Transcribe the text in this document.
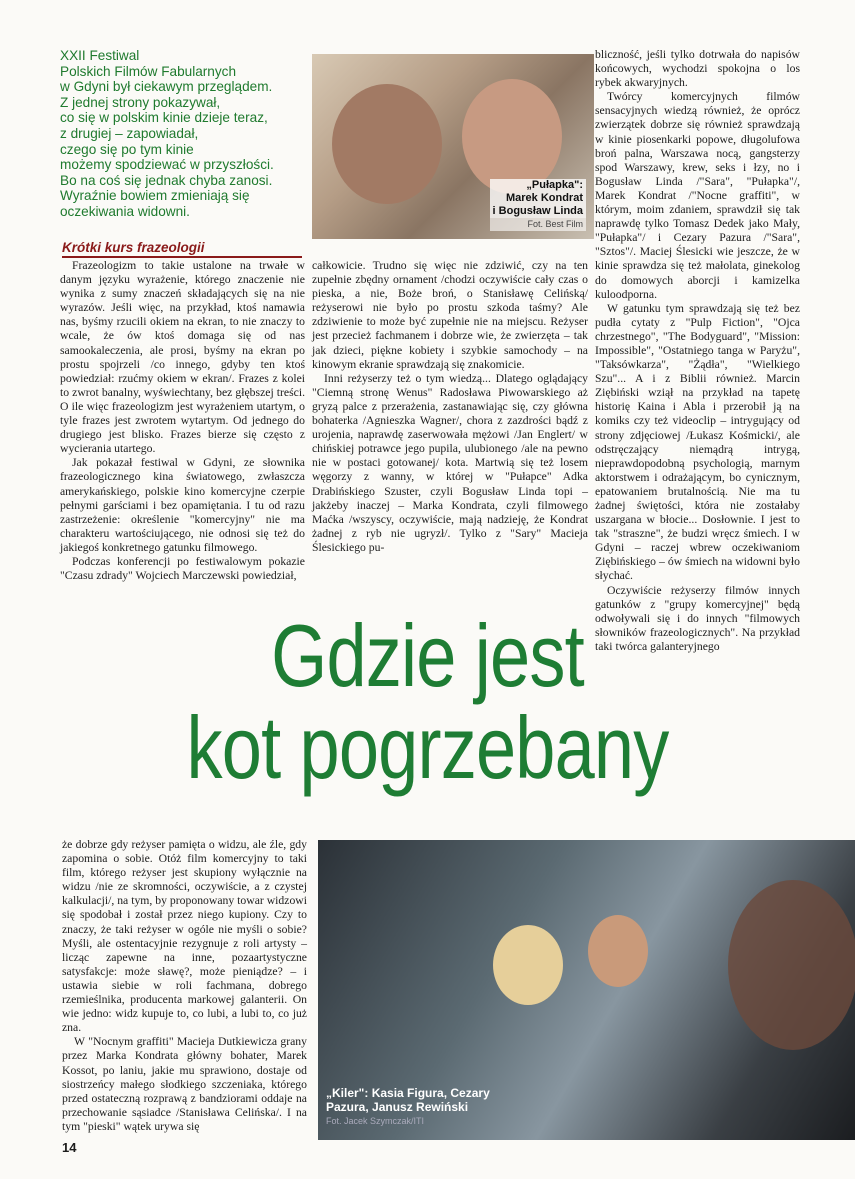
XXII Festiwal
Polskich Filmów Fabularnych
w Gdyni był ciekawym przeglądem.
Z jednej strony pokazywał,
co się w polskim kinie dzieje teraz,
z drugiej – zapowiadał,
czego się po tym kinie
możemy spodziewać w przyszłości.
Bo na coś się jednak chyba zanosi.
Wyraźnie bowiem zmieniają się
oczekiwania widowni.

„Pułapka":
Marek Kondrat
i Bogusław Linda
Fot. Best Film
Krótki kurs frazeologii

Frazeologizm to takie ustalone na trwałe w danym języku wyrażenie, którego znaczenie nie wynika z sumy znaczeń składających się na nie wyrazów. Jeśli więc, na przykład, ktoś namawia nas, byśmy rzucili okiem na ekran, to nie znaczy to wcale, że ów ktoś domaga się od nas samookaleczenia, ale prosi, byśmy na ekran po prostu spojrzeli /co innego, gdyby ten ktoś powiedział: rzućmy okiem w ekran/. Frazes z kolei to zwrot banalny, wyświechtany, bez głębszej treści. O ile więc frazeologizm jest wyrażeniem utartym, o tyle frazes jest zwrotem wytartym. Od jednego do drugiego jest blisko. Frazes bierze się często z wycierania utartego.

Jak pokazał festiwal w Gdyni, ze słownika frazeologicznego kina światowego, zwłaszcza amerykańskiego, polskie kino komercyjne czerpie pełnymi garściami i bez opamiętania. I tu od razu zastrzeżenie: określenie "komercyjny" nie ma charakteru wartościującego, nie odnosi się też do jakiegoś konkretnego gatunku filmowego.

Podczas konferencji po festiwalowym pokazie "Czasu zdrady" Wojciech Marczewski powiedział,

całkowicie. Trudno się więc nie zdziwić, czy na ten zupełnie zbędny ornament /chodzi oczywiście cały czas o pieska, a nie, Boże broń, o Stanisławę Celińską/ reżyserowi nie było po prostu szkoda taśmy? Ale zdziwienie to może być zupełnie nie na miejscu. Reżyser jest przecież fachmanem i dobrze wie, że zwierzęta – tak jak dzieci, piękne kobiety i szybkie samochody – na kinowym ekranie sprawdzają się znakomicie.

Inni reżyserzy też o tym wiedzą... Dlatego oglądający "Ciemną stronę Wenus" Radosława Piwowarskiego aż gryzą palce z przerażenia, zastanawiając się, czy główna bohaterka /Agnieszka Wagner/, chora z zazdrości bądź z urojenia, naprawdę zaserwowała mężowi /Jan Englert/ w chińskiej potrawce jego pupila, ulubionego /ale na pewno nie w postaci gotowanej/ kota. Martwią się też losem węgorzy z wanny, w której w "Pułapce" Adka Drabińskiego Szuster, czyli Bogusław Linda topi – jakżeby inaczej – Marka Kondrata, czyli filmowego Maćka /wszyscy, oczywiście, mają nadzieję, że Kondrat żadnej z ryb nie ugryzł/. Tylko z "Sary" Macieja Ślesickiego pu-

bliczność, jeśli tylko dotrwała do napisów końcowych, wychodzi spokojna o los rybek akwaryjnych.

Twórcy komercyjnych filmów sensacyjnych wiedzą również, że oprócz zwierzątek dobrze się również sprawdzają w kinie piosenkarki popowe, długolufowa broń palna, Warszawa nocą, gangsterzy spod Warszawy, krew, seks i łzy, no i Bogusław Linda /"Sara", "Pułapka"/, Marek Kondrat /"Nocne graffiti", w którym, moim zdaniem, sprawdził się tak naprawdę tylko Tomasz Dedek jako Mały, "Pułapka"/ i Cezary Pazura /"Sara", "Sztos"/. Maciej Ślesicki wie jeszcze, że w kinie sprawdza się też małolata, ginekolog do domowych aborcji i kamizelka kuloodporna.

W gatunku tym sprawdzają się też bez pudła cytaty z "Pulp Fiction", "Ojca chrzestnego", "The Bodyguard", "Mission: Impossible", "Ostatniego tanga w Paryżu", "Taksówkarza", "Żądła", "Wielkiego Szu"... A i z Biblii również. Marcin Ziębiński wziął na przykład na tapetę historię Kaina i Abla i przerobił ją na komiks czy też videoclip – intrygujący od strony zdjęciowej /Łukasz Kośmicki/, ale odstręczający niemądrą intrygą, nieprawdopodobną psychologią, marnym aktorstwem i odrażającym, bo cynicznym, epatowaniem brutalnością. Nie ma tu żadnej świętości, która nie zostałaby uszargana w błocie... Dosłownie. I jest to tak "straszne", że budzi wręcz śmiech. I w Gdyni – raczej wbrew oczekiwaniom Ziębińskiego – ów śmiech na widowni było słychać.

Oczywiście reżyserzy filmów innych gatunków z "grupy komercyjnej" będą odwoływali się i do innych "filmowych słowników frazeologicznych". Na przykład taki twórca galanteryjnego

Gdzie jest
kot pogrzebany

że dobrze gdy reżyser pamięta o widzu, ale źle, gdy zapomina o sobie. Otóż film komercyjny to taki film, którego reżyser jest skupiony wyłącznie na widzu /nie ze skromności, oczywiście, a z czystej kalkulacji/, na tym, by proponowany towar widzowi się spodobał i został przez niego kupiony. Czy to znaczy, że taki reżyser w ogóle nie myśli o sobie? Myśli, ale ostentacyjnie rezygnuje z roli artysty – licząc zapewne na inne, pozaartystyczne satysfakcje: może sławę?, może pieniądze? – i ustawia siebie w roli fachmana, dobrego rzemieślnika, producenta markowej galanterii. On wie jedno: widz kupuje to, co lubi, a lubi to, co już zna.

W "Nocnym graffiti" Macieja Dutkiewicza grany przez Marka Kondrata główny bohater, Marek Kossot, po laniu, jakie mu sprawiono, dostaje od siostrzeńcy małego słodkiego szczeniaka, którego przed ostateczną rozprawą z bandziorami oddaje na przechowanie sąsiadce /Stanisława Celińska/. I na tym "pieski" wątek urywa się

„Kiler": Kasia Figura, Cezary
Pazura, Janusz Rewiński
Fot. Jacek Szymczak/ITI
14
